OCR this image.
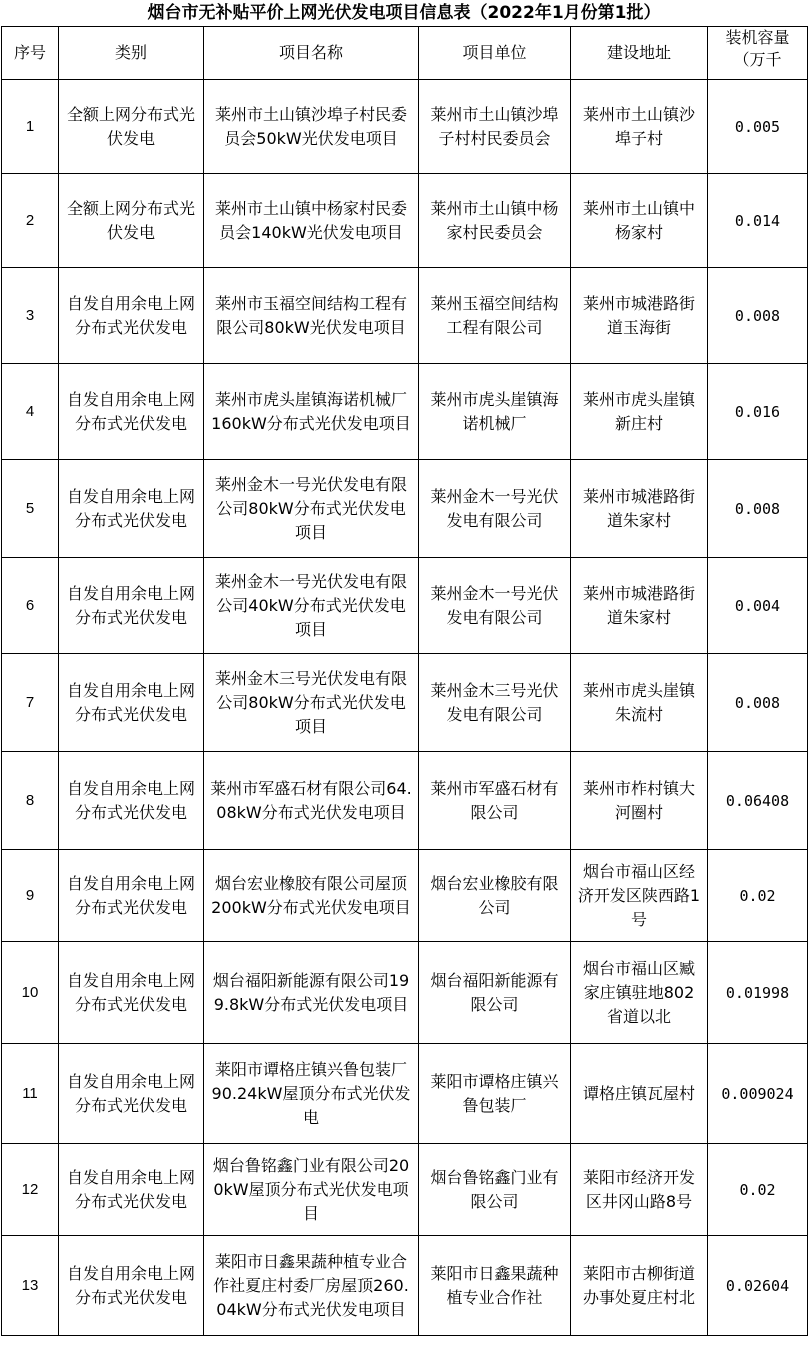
烟台市无补贴平价上网光伏发电项目信息表（2022年1月份第1批）
序号	类别	项目名称	项目单位	建设地址	装机容量（万千
1	全额上网分布式光伏发电	莱州市土山镇沙埠子村民委员会50kW光伏发电项目	莱州市土山镇沙埠子村村民委员会	莱州市土山镇沙埠子村	0.005
2	全额上网分布式光伏发电	莱州市土山镇中杨家村民委员会140kW光伏发电项目	莱州市土山镇中杨家村民委员会	莱州市土山镇中杨家村	0.014
3	自发自用余电上网分布式光伏发电	莱州市玉福空间结构工程有限公司80kW光伏发电项目	莱州玉福空间结构工程有限公司	莱州市城港路街道玉海街	0.008
4	自发自用余电上网分布式光伏发电	莱州市虎头崖镇海诺机械厂160kW分布式光伏发电项目	莱州市虎头崖镇海诺机械厂	莱州市虎头崖镇新庄村	0.016
5	自发自用余电上网分布式光伏发电	莱州金木一号光伏发电有限公司80kW分布式光伏发电项目	莱州金木一号光伏发电有限公司	莱州市城港路街道朱家村	0.008
6	自发自用余电上网分布式光伏发电	莱州金木一号光伏发电有限公司40kW分布式光伏发电项目	莱州金木一号光伏发电有限公司	莱州市城港路街道朱家村	0.004
7	自发自用余电上网分布式光伏发电	莱州金木三号光伏发电有限公司80kW分布式光伏发电项目	莱州金木三号光伏发电有限公司	莱州市虎头崖镇朱流村	0.008
8	自发自用余电上网分布式光伏发电	莱州市军盛石材有限公司64.08kW分布式光伏发电项目	莱州市军盛石材有限公司	莱州市柞村镇大河圈村	0.06408
9	自发自用余电上网分布式光伏发电	烟台宏业橡胶有限公司屋顶200kW分布式光伏发电项目	烟台宏业橡胶有限公司	烟台市福山区经济开发区陕西路1号	0.02
10	自发自用余电上网分布式光伏发电	烟台福阳新能源有限公司199.8kW分布式光伏发电项目	烟台福阳新能源有限公司	烟台市福山区臧家庄镇驻地802省道以北	0.01998
11	自发自用余电上网分布式光伏发电	莱阳市谭格庄镇兴鲁包装厂90.24kW屋顶分布式光伏发电	莱阳市谭格庄镇兴鲁包装厂	谭格庄镇瓦屋村	0.009024
12	自发自用余电上网分布式光伏发电	烟台鲁铭鑫门业有限公司200kW屋顶分布式光伏发电项目	烟台鲁铭鑫门业有限公司	莱阳市经济开发区井冈山路8号	0.02
13	自发自用余电上网分布式光伏发电	莱阳市日鑫果蔬种植专业合作社夏庄村委厂房屋顶260.04kW分布式光伏发电项目	莱阳市日鑫果蔬种植专业合作社	莱阳市古柳街道办事处夏庄村北	0.02604
